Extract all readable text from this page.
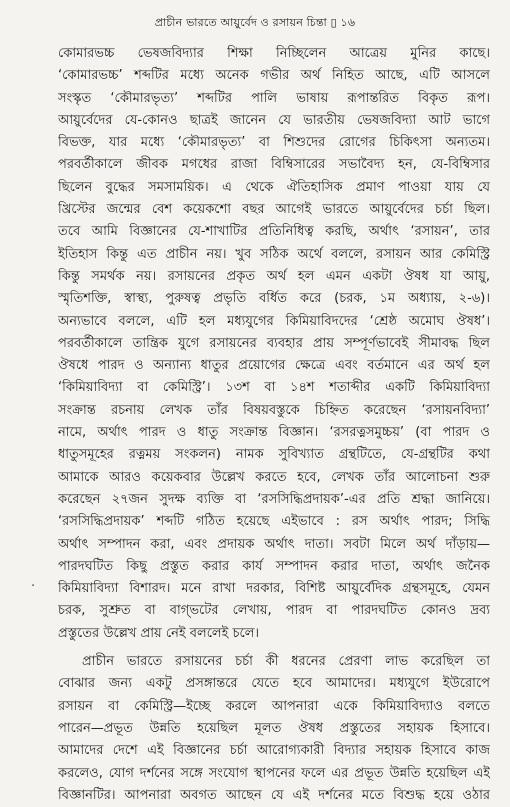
প্রাচীন ভারতে আয়ুর্বেদ ও রসায়ন চিন্তা ▯ ১৬
·
কোমারভচ্চ ভেষজবিদ্যার শিক্ষা নিচ্ছিলেন আত্রেয় মুনির কাছে।
‘কোমারভচ্চ’ শব্দটির মধ্যে অনেক গভীর অর্থ নিহিত আছে, এটি আসলে
সংস্কৃত ‘কৌমারভৃত্য’ শব্দটির পালি ভাষায় রূপান্তরিত বিকৃত রূপ।
আয়ুর্বেদের যে-কোনও ছাত্রই জানেন যে ভারতীয় ভেষজবিদ্যা আট ভাগে
বিভক্ত, যার মধ্যে ‘কৌমারভৃত্য’ বা শিশুদের রোগের চিকিৎসা অন্যতম।
পরবর্তীকালে জীবক মগধের রাজা বিম্বিসারের সভাবৈদ্য হন, যে-বিম্বিসার
ছিলেন বুদ্ধের সমসাময়িক। এ থেকে ঐতিহাসিক প্রমাণ পাওয়া যায় যে
খ্রিস্টের জন্মের বেশ কয়েকশো বছর আগেই ভারতে আয়ুর্বেদের চর্চা ছিল।
তবে আমি বিজ্ঞানের যে-শাখাটির প্রতিনিধিত্ব করছি, অর্থাৎ ‘রসায়ন’, তার
ইতিহাস কিন্তু এত প্রাচীন নয়। খুব সঠিক অর্থে বললে, রসায়ন আর কেমিস্ট্রি
কিন্তু সমর্থক নয়। রসায়নের প্রকৃত অর্থ হল এমন একটা ঔষধ যা আয়ু,
স্মৃতিশক্তি, স্বাস্থ্য, পুরুষত্ব প্রভৃতি বর্ধিত করে (চরক, ১ম অধ্যায়, ২-৬)।
অন্যভাবে বললে, এটি হল মধ্যযুগের কিমিয়াবিদদের ‘শ্রেষ্ঠ অমোঘ ঔষধ’।
পরবর্তীকালে তান্ত্রিক যুগে রসায়নের ব্যবহার প্রায় সম্পূর্ণভাবেই সীমাবদ্ধ ছিল
ঔষধে পারদ ও অন্যান্য ধাতুর প্রয়োগের ক্ষেত্রে এবং বর্তমানে এর অর্থ হল
‘কিমিয়াবিদ্যা বা কেমিস্ট্রি’। ১৩শ বা ১৪শ শতাব্দীর একটি কিমিয়াবিদ্যা
সংক্রান্ত রচনায় লেখক তাঁর বিষয়বস্তুকে চিহ্নিত করেছেন ‘রসায়নবিদ্যা’
নামে, অর্থাৎ পারদ ও ধাতু সংক্রান্ত বিজ্ঞান। ‘রসরত্নসমুচ্চয়’ (বা পারদ ও
ধাতুসমূহের রত্নময় সংকলন) নামক সুবিখ্যাত গ্রন্থটিতে, যে-গ্রন্থটির কথা
আমাকে আরও কয়েকবার উল্লেখ করতে হবে, লেখক তাঁর আলোচনা শুরু
করেছেন ২৭জন সুদক্ষ ব্যক্তি বা ‘রসসিদ্ধিপ্রদায়ক’-এর প্রতি শ্রদ্ধা জানিয়ে।
‘রসসিদ্ধিপ্রদায়ক’ শব্দটি গঠিত হয়েছে এইভাবে : রস অর্থাৎ পারদ; সিদ্ধি
অর্থাৎ সম্পাদন করা, এবং প্রদায়ক অর্থাৎ দাতা। সবটা মিলে অর্থ দাঁড়ায়—
পারদঘটিত কিছু প্রস্তুত করার কার্য সম্পাদন করার দাতা, অর্থাৎ জনৈক
কিমিয়াবিদ্যা বিশারদ। মনে রাখা দরকার, বিশিষ্ট আয়ুর্বেদিক গ্রন্থসমূহে, যেমন
চরক, সুশ্রুত বা বাগ্‌ভটের লেখায়, পারদ বা পারদঘটিত কোনও দ্রব্য
প্রস্তুতের উল্লেখ প্রায় নেই বললেই চলে।
প্রাচীন ভারতে রসায়নের চর্চা কী ধরনের প্রেরণা লাভ করেছিল তা
বোঝার জন্য একটু প্রসঙ্গান্তরে যেতে হবে আমাদের। মধ্যযুগে ইউরোপে
রসায়ন বা কেমিস্ট্রি—ইচ্ছে করলে আপনারা একে কিমিয়াবিদ্যাও বলতে
পারেন—প্রভূত উন্নতি হয়েছিল মূলত ঔষধ প্রস্তুতের সহায়ক হিসাবে।
আমাদের দেশে এই বিজ্ঞানের চর্চা আরোগ্যকারী বিদ্যার সহায়ক হিসাবে কাজ
করলেও, যোগ দর্শনের সঙ্গে সংযোগ স্থাপনের ফলে এর প্রভূত উন্নতি হয়েছিল এই
বিজ্ঞানটির। আপনারা অবগত আছেন যে এই দর্শনের মতে বিশুদ্ধ হয়ে ওঠার
